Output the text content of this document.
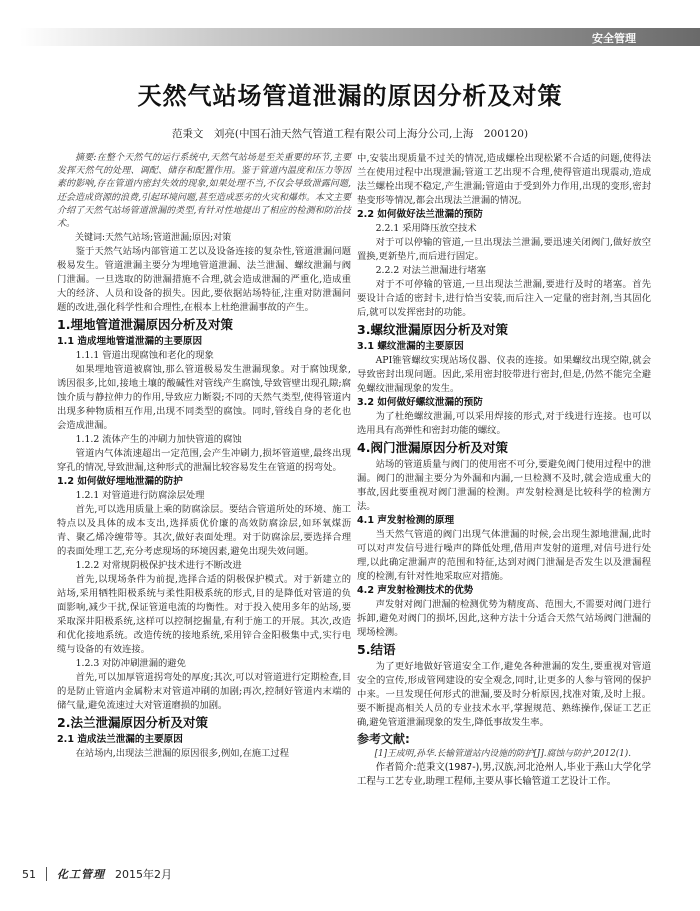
安全管理
天然气站场管道泄漏的原因分析及对策
范秉文　刘亮(中国石油天然气管道工程有限公司上海分公司,上海　200120)

摘要:在整个天然气的运行系统中,天然气站场是至关重要的环节,主要发挥天然气的处理、调配、储存和配置作用。鉴于管道内温度和压力等因素的影响,存在管道内密封失效的现象,如果处理不当,不仅会导致泄露问题,还会造成资源的浪费,引起环境问题,甚至造成恶劣的火灾和爆炸。本文主要介绍了天然气站场管道泄漏的类型,有针对性地提出了相应的检测和防治技术。

关键词:天然气站场;管道泄漏;原因;对策

鉴于天然气站场内部管道工艺以及设备连接的复杂性,管道泄漏问题极易发生。管道泄漏主要分为埋地管道泄漏、法兰泄漏、螺纹泄漏与阀门泄漏。一旦选取的防泄漏措施不合理,就会造成泄漏的严重化,造成重大的经济、人员和设备的损失。因此,要依据站场特征,注重对防泄漏问题的改进,强化科学性和合理性,在根本上杜绝泄漏事故的产生。

1.埋地管道泄漏原因分析及对策
1.1 造成埋地管道泄漏的主要原因

1.1.1 管道出现腐蚀和老化的现象

如果埋地管道被腐蚀,那么管道极易发生泄漏现象。对于腐蚀现象,诱因很多,比如,接地土壤的酸碱性对管线产生腐蚀,导致管壁出现孔隙;腐蚀介质与静拉伸力的作用,导致应力断裂;不同的天然气类型,使得管道内出现多种物质相互作用,出现不同类型的腐蚀。同时,管线自身的老化也会造成泄漏。

1.1.2 流体产生的冲刷力加快管道的腐蚀

管道内气体流速超出一定范围,会产生冲刷力,损坏管道壁,最终出现穿孔的情况,导致泄漏,这种形式的泄漏比较容易发生在管道的拐弯处。

1.2 如何做好埋地泄漏的防护

1.2.1 对管道进行防腐涂层处理

首先,可以选用质量上乘的防腐涂层。要结合管道所处的环境、施工特点以及具体的成本支出,选择质优价廉的高效防腐涂层,如环氧煤沥青、聚乙烯冷缠带等。其次,做好表面处理。对于防腐涂层,要选择合理的表面处理工艺,充分考虑现场的环境因素,避免出现失效问题。

1.2.2 对常规阴极保护技术进行不断改进

首先,以现场条件为前提,选择合适的阴极保护模式。对于新建立的站场,采用牺牲阳极系统与柔性阳极系统的形式,目的是降低对管道的负面影响,减少干扰,保证管道电流的均衡性。对于投入使用多年的站场,要采取深井阳极系统,这样可以控制挖掘量,有利于施工的开展。其次,改造和优化接地系统。改造传统的接地系统,采用锌合金阳极集中式,实行电缆与设备的有效连接。

1.2.3 对防冲刷泄漏的避免

首先,可以加厚管道拐弯处的厚度;其次,可以对管道进行定期检查,目的是防止管道内金属粉末对管道冲刷的加剧;再次,控制好管道内末端的储气量,避免流速过大对管道磨损的加剧。

2.法兰泄漏原因分析及对策
2.1 造成法兰泄漏的主要原因

在站场内,出现法兰泄漏的原因很多,例如,在施工过程

中,安装出现质量不过关的情况,造成螺栓出现松紧不合适的问题,使得法兰在使用过程中出现泄漏;管道工艺出现不合理,使得管道出现震动,造成法兰螺栓出现不稳定,产生泄漏;管道由于受到外力作用,出现的变形,密封垫变形等情况,都会出现法兰泄漏的情况。

2.2 如何做好法兰泄漏的预防

2.2.1 采用降压放空技术

对于可以停输的管道,一旦出现法兰泄漏,要迅速关闭阀门,做好放空置换,更新垫片,而后进行固定。

2.2.2 对法兰泄漏进行堵塞

对于不可停输的管道,一旦出现法兰泄漏,要进行及时的堵塞。首先要设计合适的密封卡,进行恰当安装,而后注入一定量的密封剂,当其固化后,就可以发挥密封的功能。

3.螺纹泄漏原因分析及对策
3.1 螺纹泄漏的主要原因

API锥管螺纹实现站场仪器、仪表的连接。如果螺纹出现空隙,就会导致密封出现问题。因此,采用密封胶带进行密封,但是,仍然不能完全避免螺纹泄漏现象的发生。

3.2 如何做好螺纹泄漏的预防

为了杜绝螺纹泄漏,可以采用焊接的形式,对于线进行连接。也可以选用具有高弹性和密封功能的螺纹。

4.阀门泄漏原因分析及对策

站场的管道质量与阀门的使用密不可分,要避免阀门使用过程中的泄漏。阀门的泄漏主要分为外漏和内漏,一旦检测不及时,就会造成重大的事故,因此要重视对阀门泄漏的检测。声发射检测是比较科学的检测方法。

4.1 声发射检测的原理

当天然气管道的阀门出现气体泄漏的时候,会出现生源地泄漏,此时可以对声发信号进行噪声的降低处理,借用声发射的道理,对信号进行处理,以此确定泄漏声的范围和特征,达到对阀门泄漏是否发生以及泄漏程度的检测,有针对性地采取应对措施。

4.2 声发射检测技术的优势

声发射对阀门泄漏的检测优势为精度高、范围大,不需要对阀门进行拆卸,避免对阀门的损坏,因此,这种方法十分适合天然气站场阀门泄漏的现场检测。

5.结语

为了更好地做好管道安全工作,避免各种泄漏的发生,要重视对管道安全的宣传,形成管网建设的安全观念,同时,让更多的人参与管网的保护中来。一旦发现任何形式的泄漏,要及时分析原因,找准对策,及时上报。要不断提高相关人员的专业技术水平,掌握规范、熟练操作,保证工艺正确,避免管道泄漏现象的发生,降低事故发生率。

参考文献:

[1]王成明,孙华.长输管道站内设施的防护[J].腐蚀与防护,2012(1).

作者简介:范秉文(1987-),男,汉族,河北沧州人,毕业于燕山大学化学工程与工艺专业,助理工程师,主要从事长输管道工艺设计工作。

51 化工管理 2015年2月
